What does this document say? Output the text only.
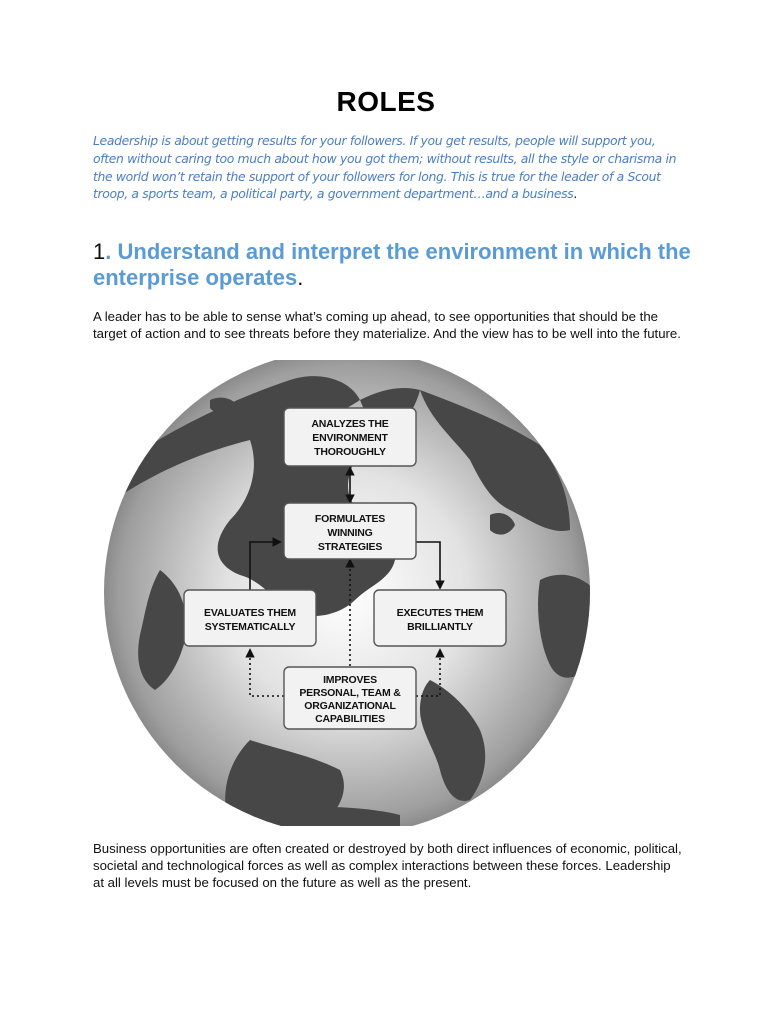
ROLES
Leadership is about getting results for your followers. If you get results, people will support you, often without caring too much about how you got them; without results, all the style or charisma in the world won’t retain the support of your followers for long. This is true for the leader of a Scout troop, a sports team, a political party, a government department…and a business.
1. Understand and interpret the environment in which the enterprise operates.
A leader has to be able to sense what’s coming up ahead, to see opportunities that should be the target of action and to see threats before they materialize. And the view has to be well into the future.
ANALYZES THE
ENVIRONMENT
THOROUGHLY
FORMULATES
WINNING
STRATEGIES
EVALUATES THEM
SYSTEMATICALLY
EXECUTES THEM
BRILLIANTLY
IMPROVES
PERSONAL, TEAM &
ORGANIZATIONAL
CAPABILITIES
Business opportunities are often created or destroyed by both direct influences of economic, political, societal and technological forces as well as complex interactions between these forces. Leadership at all levels must be focused on the future as well as the present.
